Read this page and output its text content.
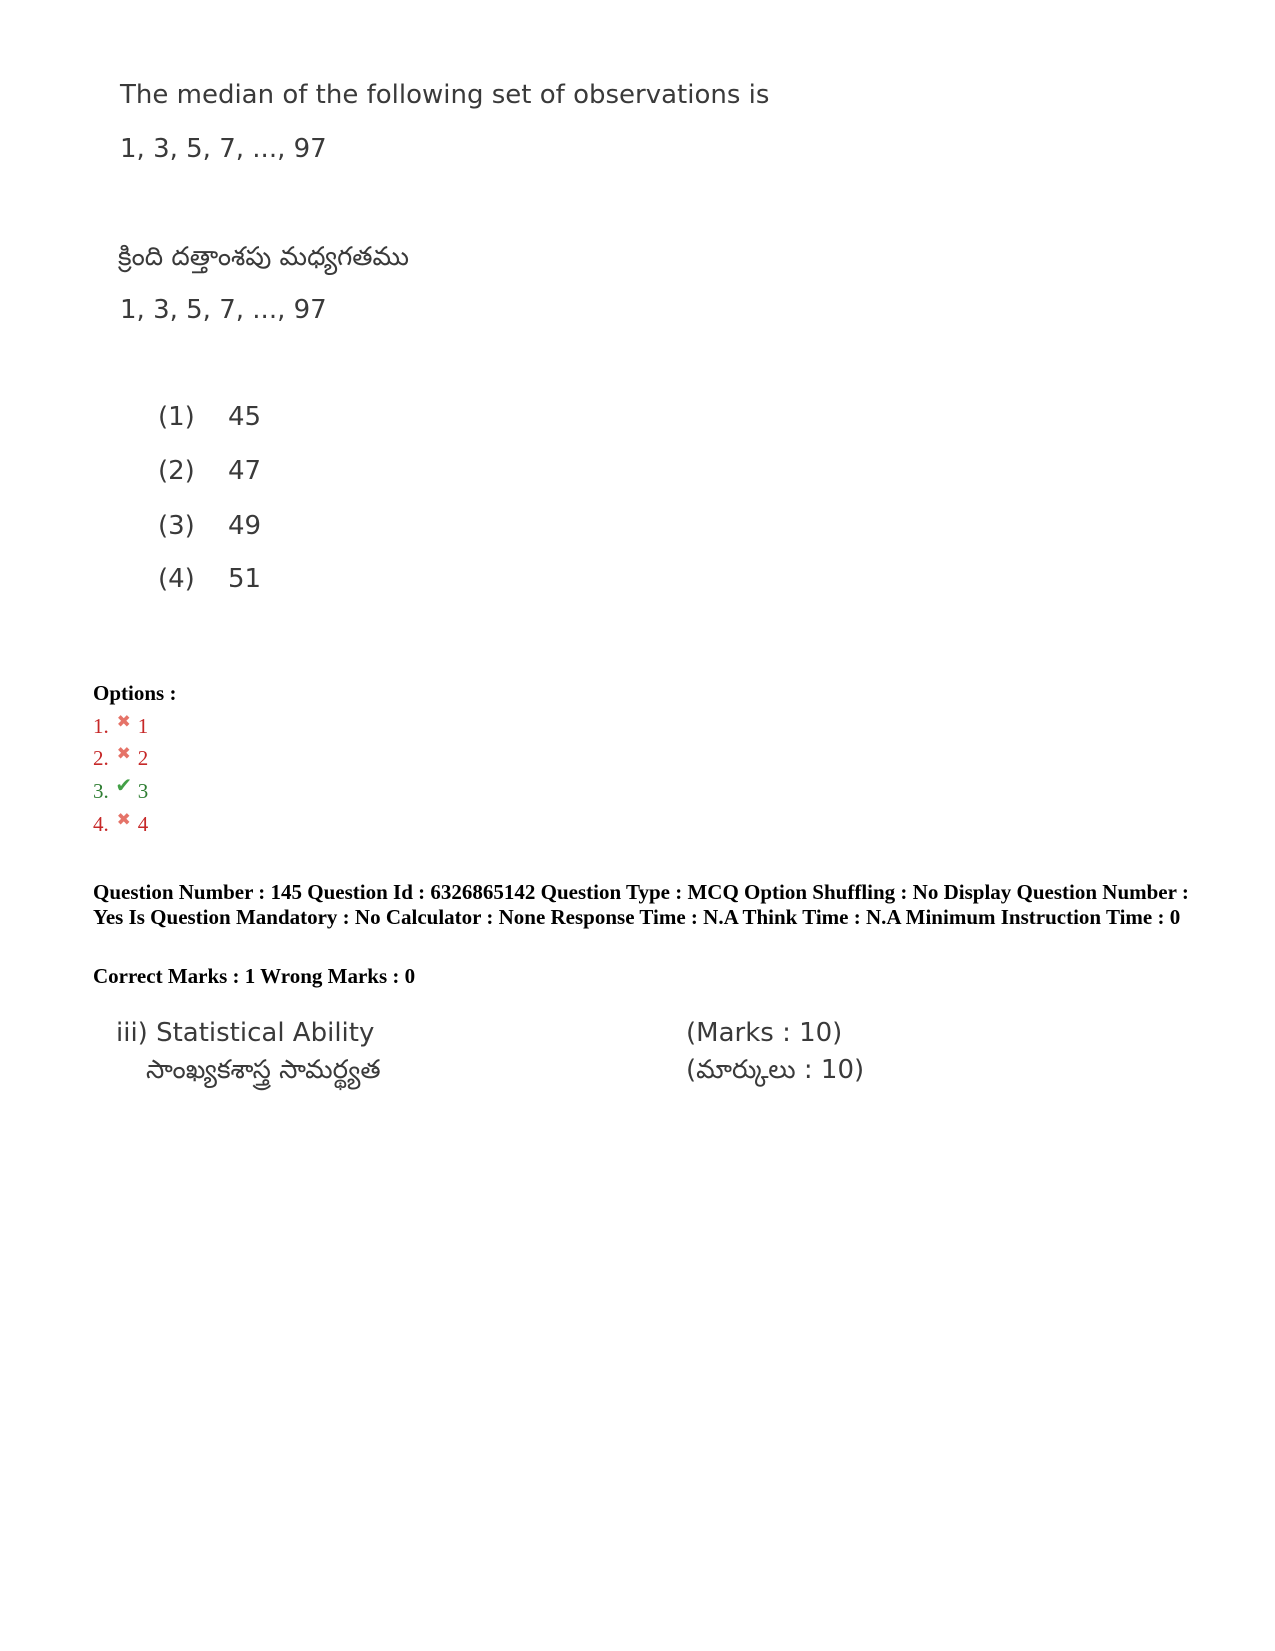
The median of the following set of observations is
1, 3, 5, 7, ..., 97
క్రింది దత్తాంశపు మధ్యగతము
1, 3, 5, 7, ..., 97
(1) 45
(2) 47
(3) 49
(4) 51
Options :
1. ✖ 1
2. ✖ 2
3. ✔ 3
4. ✖ 4
Question Number : 145 Question Id : 6326865142 Question Type : MCQ Option Shuffling : No Display Question Number : Yes Is Question Mandatory : No Calculator : None Response Time : N.A Think Time : N.A Minimum Instruction Time : 0
Correct Marks : 1 Wrong Marks : 0
iii) Statistical Ability
సాంఖ్యకశాస్త్ర సామర్థ్యత
(Marks : 10)
(మార్కులు : 10)
